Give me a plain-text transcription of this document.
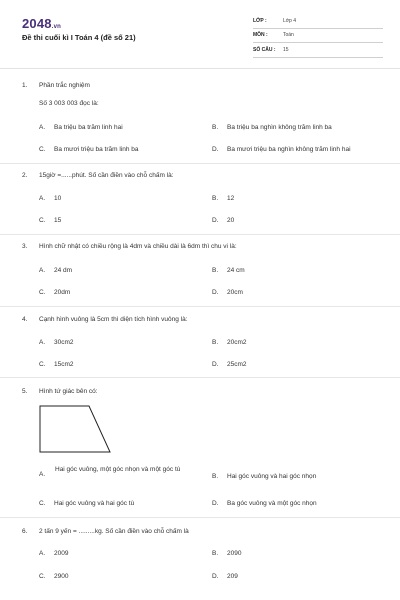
2048.vn
Đề thi cuối kì I Toán 4 (đề số 21)
LỚP :	Lớp 4
MÔN :	Toán
SỐ CÂU : 15
1. Phần trắc nghiệm
Số 3 003 003 đọc là:
A. Ba triệu ba trăm linh hai	B. Ba triệu ba nghìn không trăm linh ba
C. Ba mươi triệu ba trăm linh ba	D. Ba mươi triệu ba nghìn không trăm linh hai
2. 15giờ =......phút. Số cần điền vào chỗ chấm là:
A. 10	B. 12
C. 15	D. 20
3. Hình chữ nhật có chiều rộng là 4dm và chiều dài là 6dm thì chu vi là:
A. 24 dm	B. 24 cm
C. 20dm	D. 20cm
4. Cạnh hình vuông là 5cm thì diện tích hình vuông là:
A. 30cm2	B. 20cm2
C. 15cm2	D. 25cm2
5. Hình tứ giác bên có:
A.
Hai góc vuông, một góc nhọn và một góc tù
B. Hai góc vuông và hai góc nhọn
C. Hai góc vuông và hai góc tù	D. Ba góc vuông và một góc nhọn
6. 2 tấn 9 yến = .........kg. Số cần điền vào chỗ chấm là
A. 2009	B. 2090
C. 2900	D. 209
